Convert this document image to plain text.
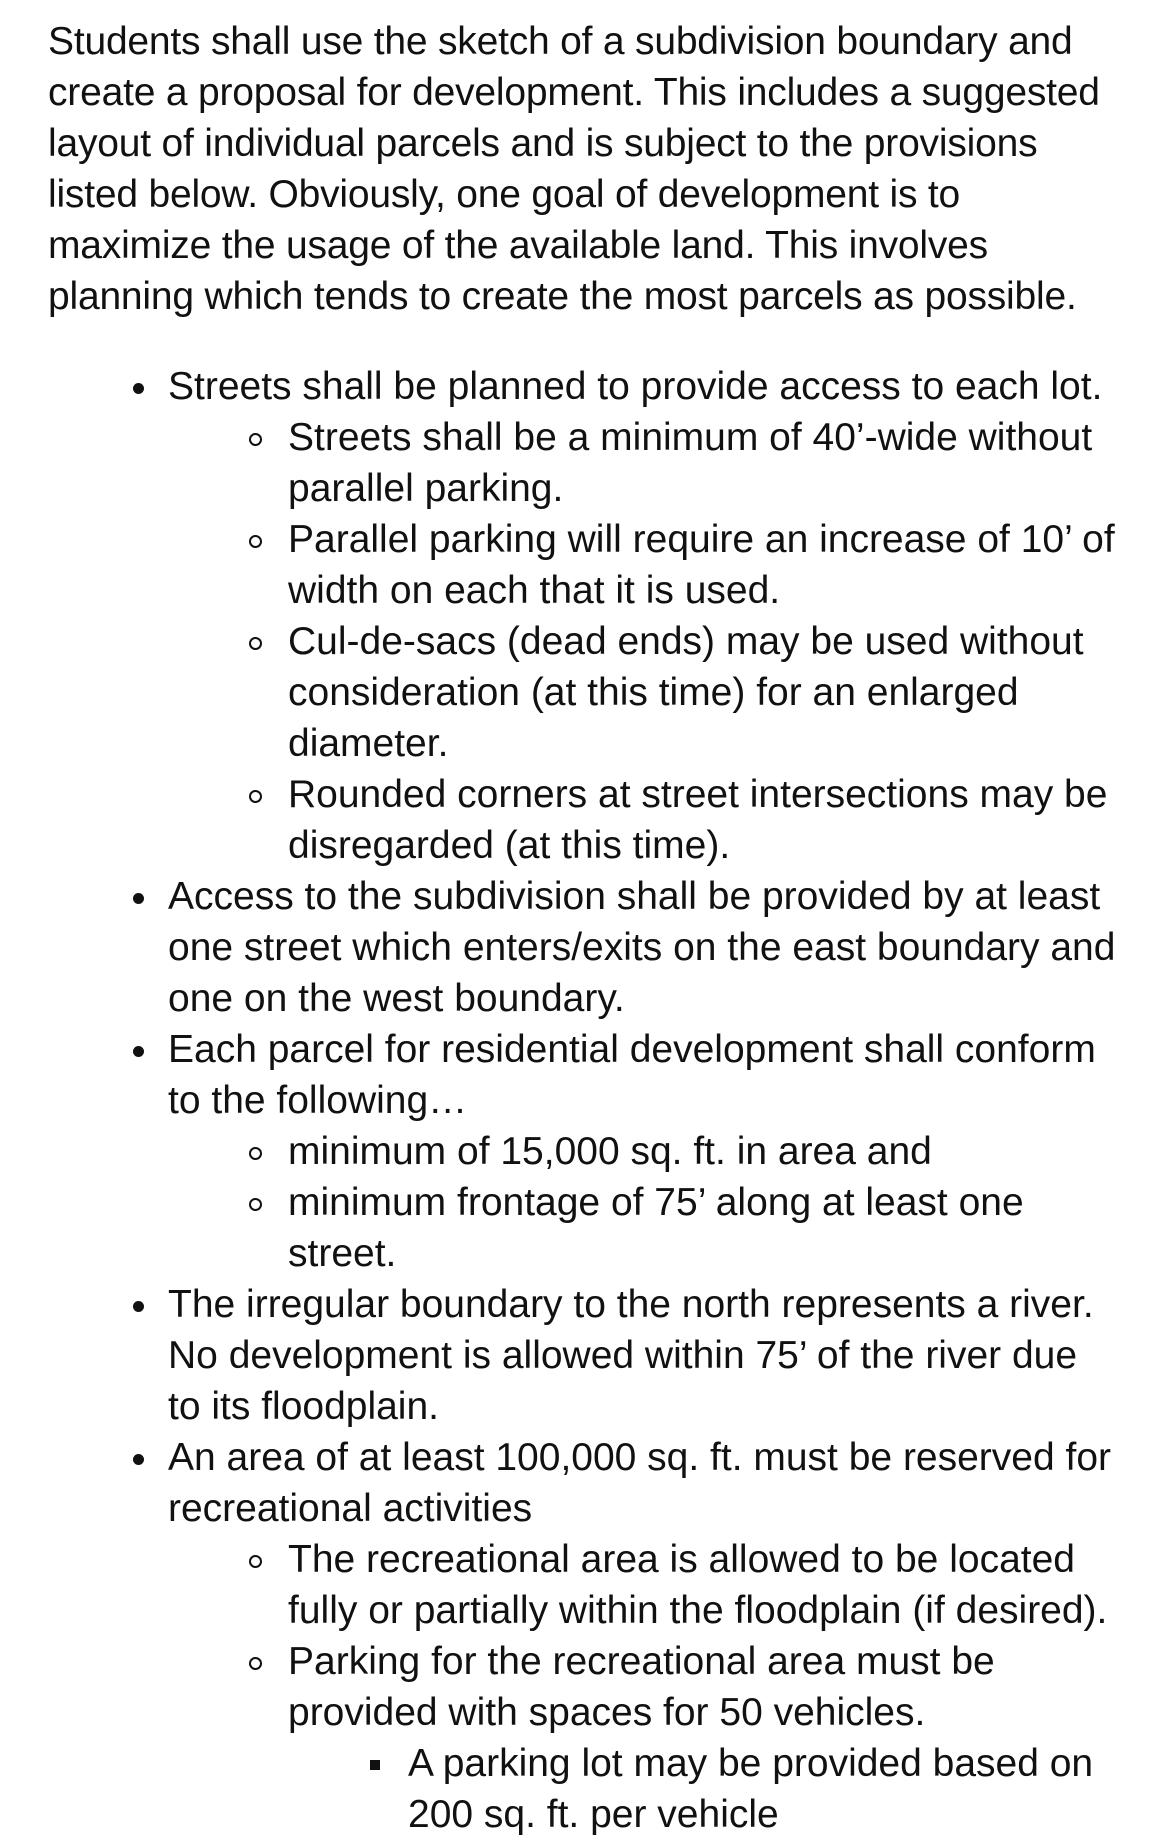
Students shall use the sketch of a subdivision boundary and create a proposal for development. This includes a suggested layout of individual parcels and is subject to the provisions listed below. Obviously, one goal of development is to maximize the usage of the available land. This involves planning which tends to create the most parcels as possible.

Streets shall be planned to provide access to each lot.
Streets shall be a minimum of 40’-wide without parallel parking.
Parallel parking will require an increase of 10’ of width on each that it is used.
Cul-de-sacs (dead ends) may be used without consideration (at this time) for an enlarged diameter.
Rounded corners at street intersections may be disregarded (at this time).
Access to the subdivision shall be provided by at least one street which enters/exits on the east boundary and one on the west boundary.
Each parcel for residential development shall conform to the following…
minimum of 15,000 sq. ft. in area and
minimum frontage of 75’ along at least one street.
The irregular boundary to the north represents a river. No development is allowed within 75’ of the river due to its floodplain.
An area of at least 100,000 sq. ft. must be reserved for recreational activities
The recreational area is allowed to be located fully or partially within the floodplain (if desired).
Parking for the recreational area must be provided with spaces for 50 vehicles.
A parking lot may be provided based on 200 sq. ft. per vehicle
